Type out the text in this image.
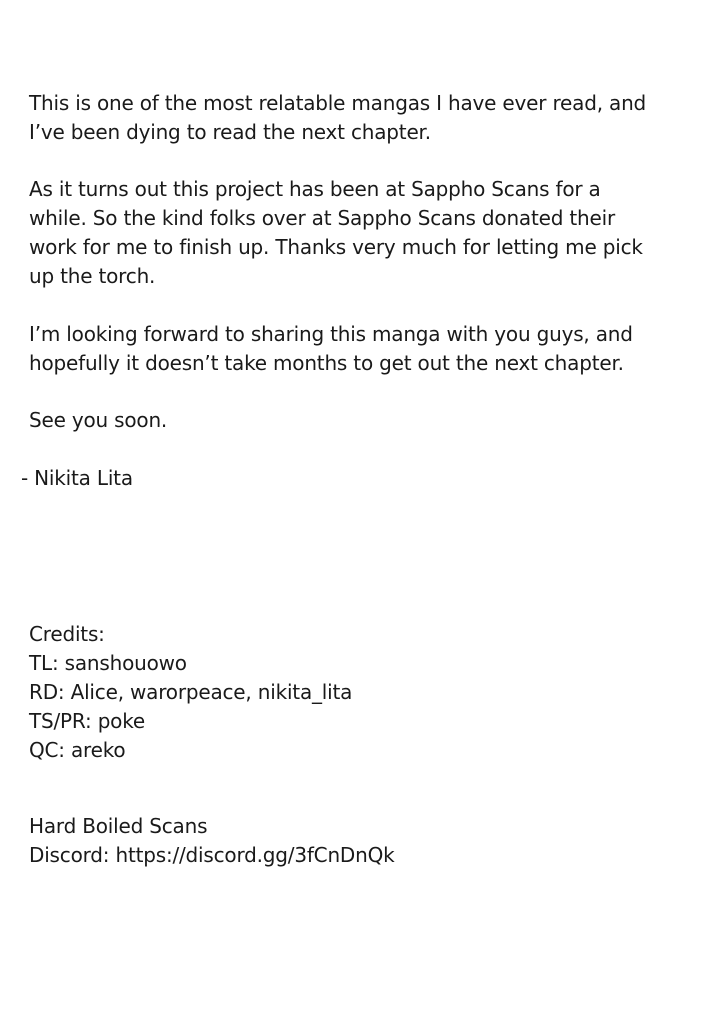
This is one of the most relatable mangas I have ever read, and
I’ve been dying to read the next chapter.
As it turns out this project has been at Sappho Scans for a
while. So the kind folks over at Sappho Scans donated their
work for me to finish up. Thanks very much for letting me pick
up the torch.
I’m looking forward to sharing this manga with you guys, and
hopefully it doesn’t take months to get out the next chapter.
See you soon.
- Nikita Lita
Credits:
TL: sanshouowo
RD: Alice, warorpeace, nikita_lita
TS/PR: poke
QC: areko
Hard Boiled Scans
Discord: https://discord.gg/3fCnDnQk
